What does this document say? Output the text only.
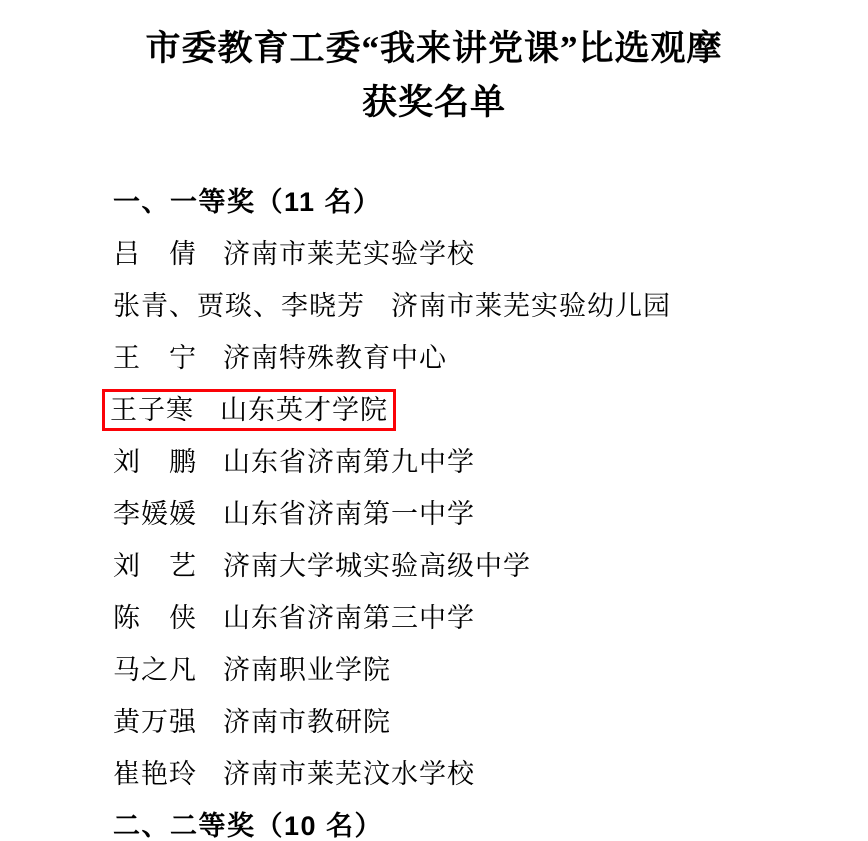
市委教育工委“我来讲党课”比选观摩
获奖名单
一、一等奖（11 名）
吕　倩 济南市莱芜实验学校
张青、贾琰、李晓芳 济南市莱芜实验幼儿园
王　宁 济南特殊教育中心
王子寒 山东英才学院
刘　鹏 山东省济南第九中学
李媛媛 山东省济南第一中学
刘　艺 济南大学城实验高级中学
陈　侠 山东省济南第三中学
马之凡 济南职业学院
黄万强 济南市教研院
崔艳玲 济南市莱芜汶水学校
二、二等奖（10 名）
